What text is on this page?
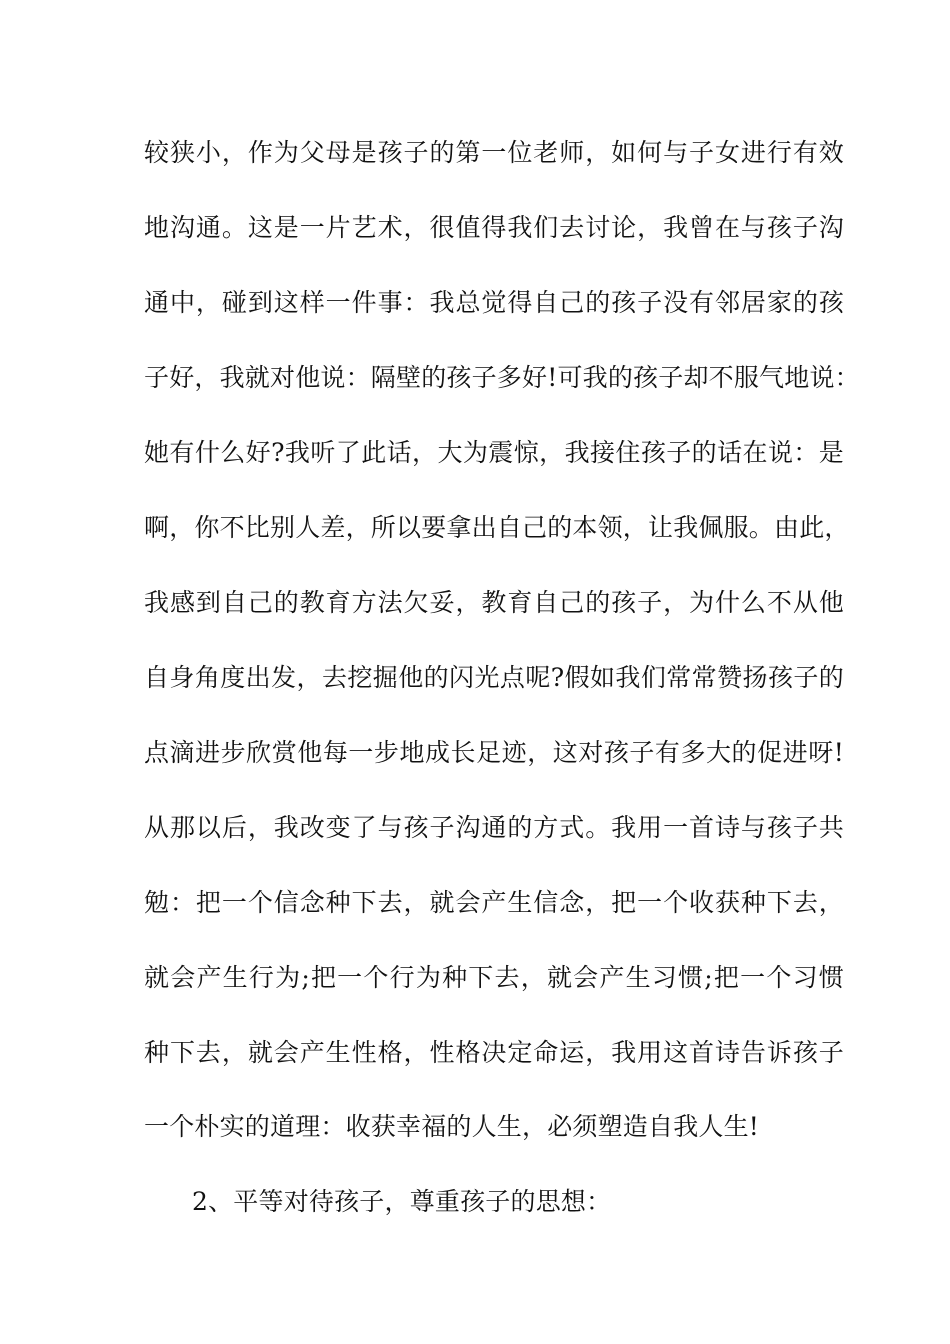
较狭小，作为父母是孩子的第一位老师，如何与子女进行有效
地沟通。这是一片艺术，很值得我们去讨论，我曾在与孩子沟
通中，碰到这样一件事：我总觉得自己的孩子没有邻居家的孩
子好，我就对他说：隔壁的孩子多好!可我的孩子却不服气地说：
她有什么好?我听了此话，大为震惊，我接住孩子的话在说：是
啊，你不比别人差，所以要拿出自己的本领，让我佩服。由此，
我感到自己的教育方法欠妥，教育自己的孩子，为什么不从他
自身角度出发，去挖掘他的闪光点呢?假如我们常常赞扬孩子的
点滴进步欣赏他每一步地成长足迹，这对孩子有多大的促进呀!
从那以后，我改变了与孩子沟通的方式。我用一首诗与孩子共
勉：把一个信念种下去，就会产生信念，把一个收获种下去，
就会产生行为;把一个行为种下去，就会产生习惯;把一个习惯
种下去，就会产生性格，性格决定命运，我用这首诗告诉孩子
一个朴实的道理：收获幸福的人生，必须塑造自我人生!
2、平等对待孩子，尊重孩子的思想：
